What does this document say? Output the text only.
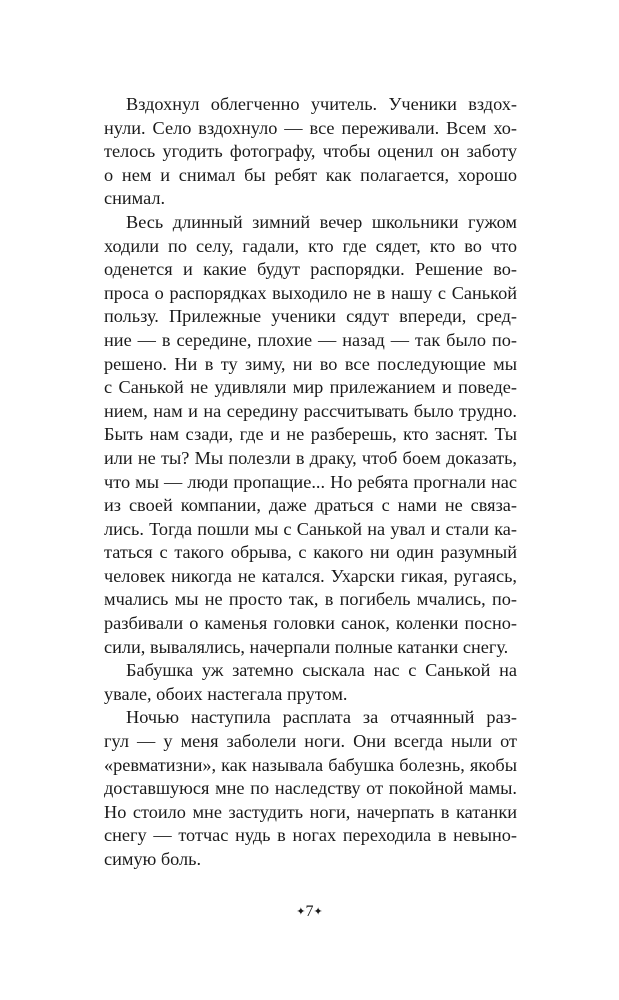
Вздохнул облегченно учитель. Ученики вздох-
нули. Село вздохнуло — все переживали. Всем хо-
телось угодить фотографу, чтобы оценил он заботу
о нем и снимал бы ребят как полагается, хорошо
снимал.
Весь длинный зимний вечер школьники гужом
ходили по селу, гадали, кто где сядет, кто во что
оденется и какие будут распорядки. Решение во-
проса о распорядках выходило не в нашу с Санькой
пользу. Прилежные ученики сядут впереди, сред-
ние — в середине, плохие — назад — так было по-
решено. Ни в ту зиму, ни во все последующие мы
с Санькой не удивляли мир прилежанием и поведе-
нием, нам и на середину рассчитывать было трудно.
Быть нам сзади, где и не разберешь, кто заснят. Ты
или не ты? Мы полезли в драку, чтоб боем доказать,
что мы — люди пропащие... Но ребята прогнали нас
из своей компании, даже драться с нами не связа-
лись. Тогда пошли мы с Санькой на увал и стали ка-
таться с такого обрыва, с какого ни один разумный
человек никогда не катался. Ухарски гикая, ругаясь,
мчались мы не просто так, в погибель мчались, по-
разбивали о каменья головки санок, коленки посно-
сили, вывалялись, начерпали полные катанки снегу.
Бабушка уж затемно сыскала нас с Санькой на
увале, обоих настегала прутом.
Ночью наступила расплата за отчаянный раз-
гул — у меня заболели ноги. Они всегда ныли от
«ревматизни», как называла бабушка болезнь, якобы
доставшуюся мне по наследству от покойной мамы.
Но стоило мне застудить ноги, начерпать в катанки
снегу — тотчас нудь в ногах переходила в невыно-
симую боль.
✦7✦
